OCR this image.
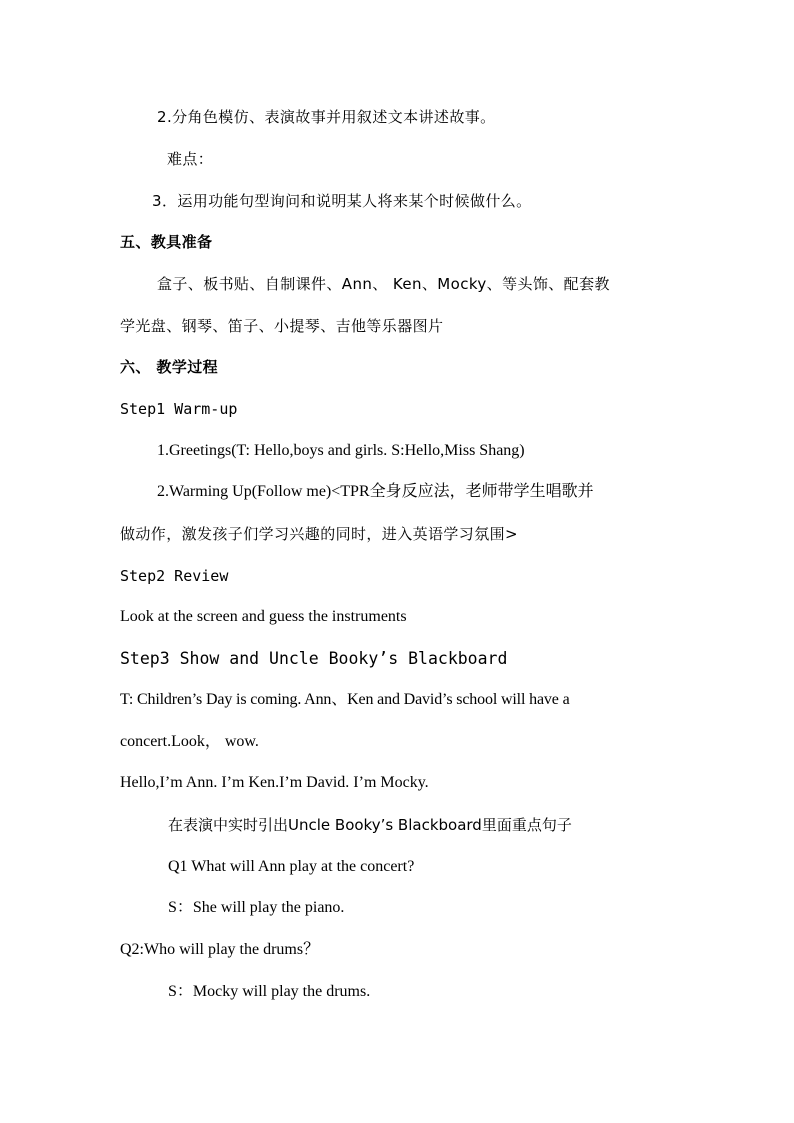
2.分角色模仿、表演故事并用叙述文本讲述故事。
难点：
3．运用功能句型询问和说明某人将来某个时候做什么。
五、教具准备
盒子、板书贴、自制课件、Ann、 Ken、Mocky、等头饰、配套教
学光盘、钢琴、笛子、小提琴、吉他等乐器图片
六、 教学过程
Step1 Warm-up
1.Greetings(T: Hello,boys and girls. S:Hello,Miss Shang)
2.Warming Up(Follow me)<TPR全身反应法，老师带学生唱歌并
做动作，激发孩子们学习兴趣的同时，进入英语学习氛围>
Step2 Review
Look at the screen and guess the instruments
Step3 Show and Uncle Booky’s Blackboard
T: Children’s Day is coming. Ann、Ken and David’s school will have a
concert.Look， wow.
Hello,I’m Ann. I’m Ken.I’m David. I’m Mocky.
在表演中实时引出Uncle Booky’s Blackboard里面重点句子
Q1 What will Ann play at the concert?
S：She will play the piano.
Q2:Who will play the drums？
S：Mocky will play the drums.
